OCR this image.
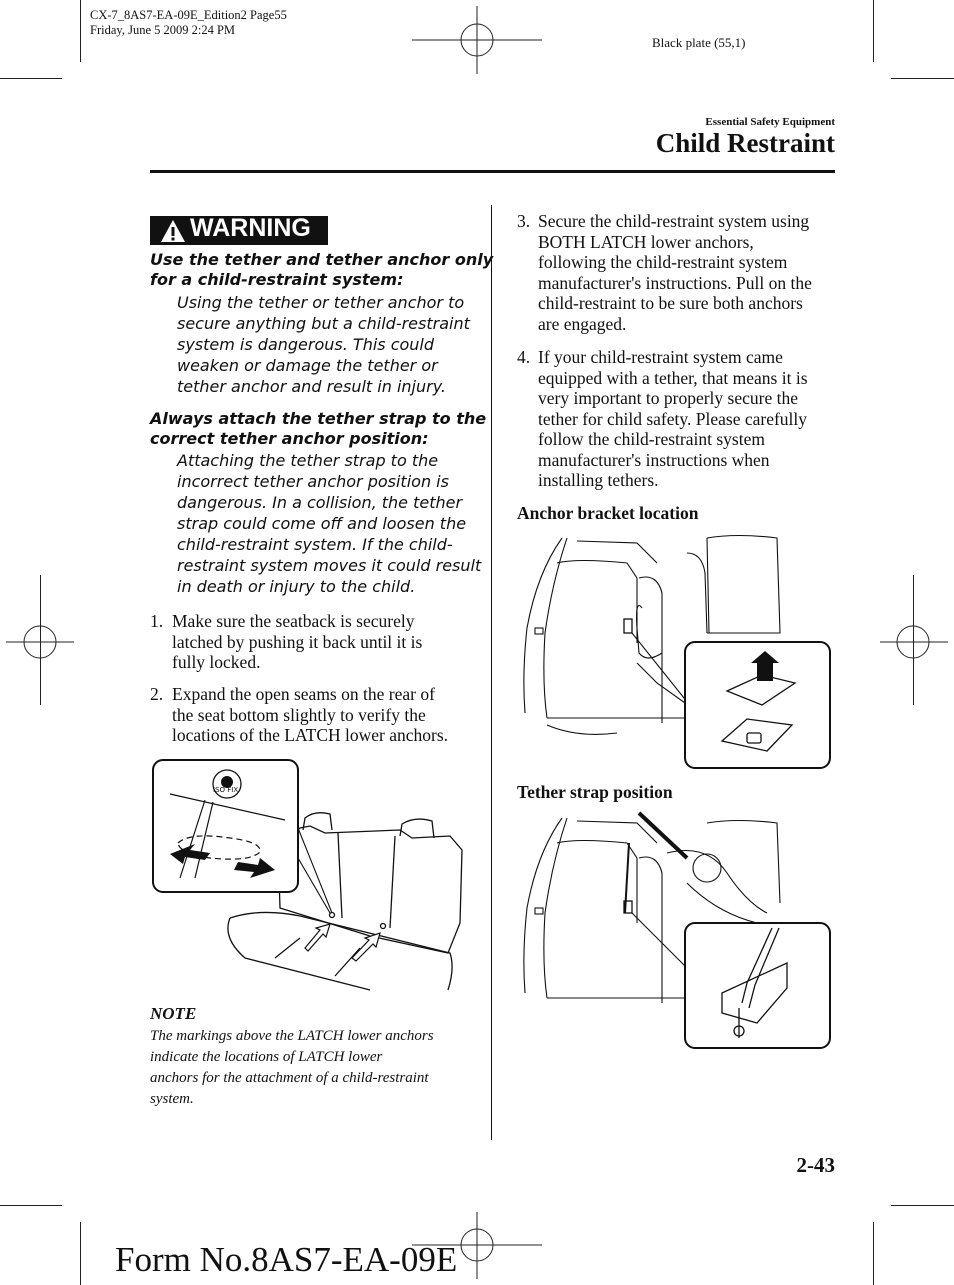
CX-7_8AS7-EA-09E_Edition2 Page55
Friday, June 5 2009 2:24 PM
Black plate (55,1)
Essential Safety Equipment
Child Restraint
WARNING
Use the tether and tether anchor only
for a child-restraint system:
Using the tether or tether anchor to
secure anything but a child-restraint
system is dangerous. This could
weaken or damage the tether or
tether anchor and result in injury.
Always attach the tether strap to the
correct tether anchor position:
Attaching the tether strap to the
incorrect tether anchor position is
dangerous. In a collision, the tether
strap could come off and loosen the
child-restraint system. If the child-
restraint system moves it could result
in death or injury to the child.
1. Make sure the seatback is securely
latched by pushing it back until it is
fully locked.
2. Expand the open seams on the rear of
the seat bottom slightly to verify the
locations of the LATCH lower anchors.
ISO FIX
NOTE
The markings above the LATCH lower anchors
indicate the locations of LATCH lower
anchors for the attachment of a child-restraint
system.
3. Secure the child-restraint system using
BOTH LATCH lower anchors,
following the child-restraint system
manufacturer's instructions. Pull on the
child-restraint to be sure both anchors
are engaged.
4. If your child-restraint system came
equipped with a tether, that means it is
very important to properly secure the
tether for child safety. Please carefully
follow the child-restraint system
manufacturer's instructions when
installing tethers.
Anchor bracket location
Tether strap position
2-43
Form No.8AS7-EA-09E
